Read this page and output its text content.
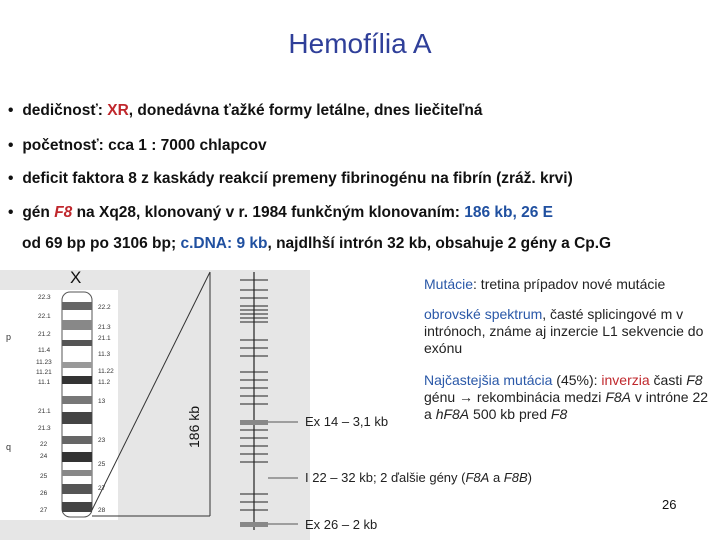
Hemofília A
• dedičnosť: XR, donedávna ťažké formy letálne, dnes liečiteľná
• početnosť: cca 1 : 7000 chlapcov
• deficit faktora 8 z kaskády reakcií premeny fibrinogénu na fibrín (zráž. krvi)
• gén F8 na Xq28, klonovaný v r. 1984 funkčným klonovaním: 186 kb, 26 E
od 69 bp po 3106 bp; c.DNA: 9 kb, najdlhší intrón 32 kb, obsahuje 2 gény a Cp.G
X
22.3
22.1
21.2
11.4
11.23
11.21
11.1
21.1
21.3
22
24
25
26
27
22.2
21.3
21.1
11.3
11.22
11.2
13
23
25
27
28
p
q	186 kb	Ex 14 – 3,1 kb
I 22 – 32 kb; 2 ďalšie gény (F8A a F8B)
Ex 26 – 2 kb
Mutácie: tretina prípadov nové mutácie
obrovské spektrum, časté splicingové m v intrónoch, známe aj inzercie L1 sekvencie do exónu
Najčastejšia mutácia (45%): inverzia časti F8 génu → rekombinácia medzi F8A v intróne 22 a hF8A 500 kb pred F8
26
